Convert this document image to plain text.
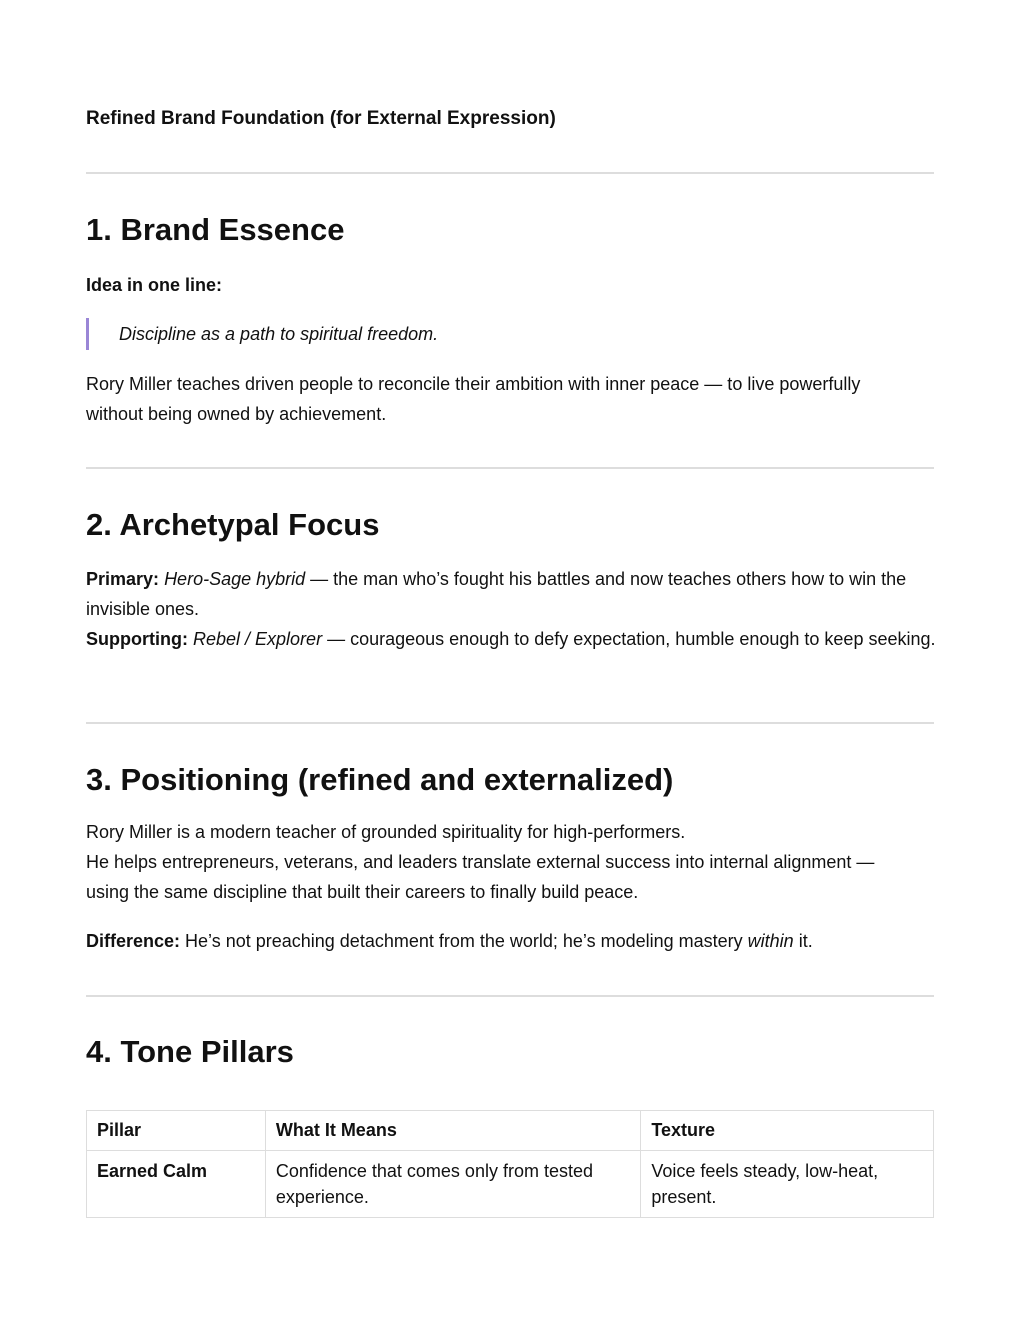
Refined Brand Foundation (for External Expression)
1. Brand Essence

Idea in one line:

Discipline as a path to spiritual freedom.

Rory Miller teaches driven people to reconcile their ambition with inner peace — to live powerfully without being owned by achievement.

2. Archetypal Focus

Primary: Hero-Sage hybrid — the man who’s fought his battles and now teaches others how to win the invisible ones.

Supporting: Rebel / Explorer — courageous enough to defy expectation, humble enough to keep seeking.

3. Positioning (refined and externalized)

Rory Miller is a modern teacher of grounded spirituality for high-performers.

He helps entrepreneurs, veterans, and leaders translate external success into internal alignment — using the same discipline that built their careers to finally build peace.

Difference: He’s not preaching detachment from the world; he’s modeling mastery within it.

4. Tone Pillars
Pillar	What It Means	Texture
Earned Calm	Confidence that comes only from tested experience.	Voice feels steady, low-heat, present.
